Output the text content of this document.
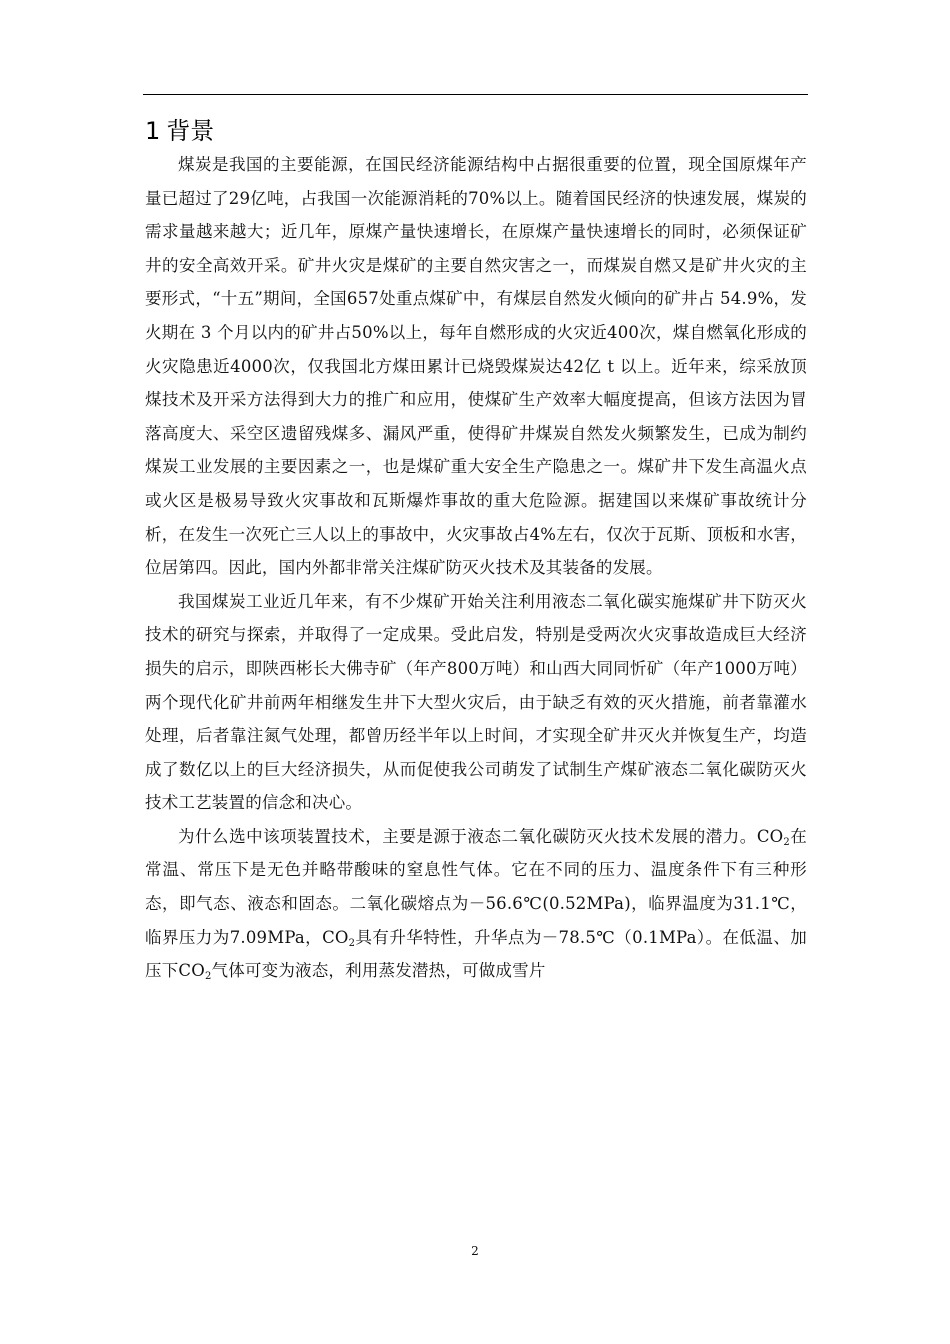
1 背景

煤炭是我国的主要能源，在国民经济能源结构中占据很重要的位置，现全国原煤年产量已超过了29亿吨，占我国一次能源消耗的70%以上。随着国民经济的快速发展，煤炭的需求量越来越大；近几年，原煤产量快速增长，在原煤产量快速增长的同时，必须保证矿井的安全高效开采。矿井火灾是煤矿的主要自然灾害之一，而煤炭自燃又是矿井火灾的主要形式，“十五”期间，全国657处重点煤矿中，有煤层自然发火倾向的矿井占 54.9%，发火期在 3 个月以内的矿井占50%以上，每年自燃形成的火灾近400次，煤自燃氧化形成的火灾隐患近4000次，仅我国北方煤田累计已烧毁煤炭达42亿 t 以上。近年来，综采放顶煤技术及开采方法得到大力的推广和应用，使煤矿生产效率大幅度提高，但该方法因为冒落高度大、采空区遗留残煤多、漏风严重，使得矿井煤炭自然发火频繁发生，已成为制约煤炭工业发展的主要因素之一，也是煤矿重大安全生产隐患之一。煤矿井下发生高温火点或火区是极易导致火灾事故和瓦斯爆炸事故的重大危险源。据建国以来煤矿事故统计分析，在发生一次死亡三人以上的事故中，火灾事故占4%左右，仅次于瓦斯、顶板和水害，位居第四。因此，国内外都非常关注煤矿防灭火技术及其装备的发展。

我国煤炭工业近几年来，有不少煤矿开始关注利用液态二氧化碳实施煤矿井下防灭火技术的研究与探索，并取得了一定成果。受此启发，特别是受两次火灾事故造成巨大经济损失的启示，即陕西彬长大佛寺矿（年产800万吨）和山西大同同忻矿（年产1000万吨）两个现代化矿井前两年相继发生井下大型火灾后，由于缺乏有效的灭火措施，前者靠灌水处理，后者靠注氮气处理，都曾历经半年以上时间，才实现全矿井灭火并恢复生产，均造成了数亿以上的巨大经济损失，从而促使我公司萌发了试制生产煤矿液态二氧化碳防灭火技术工艺装置的信念和决心。

为什么选中该项装置技术，主要是源于液态二氧化碳防灭火技术发展的潜力。$CO_2$在常温、常压下是无色并略带酸味的窒息性气体。它在不同的压力、温度条件下有三种形态，即气态、液态和固态。二氧化碳熔点为－56.6℃(0.52MPa)，临界温度为31.1℃，临界压力为7.09MPa，$CO_2$具有升华特性，升华点为－78.5℃（0.1MPa）。在低温、加压下$CO_2$气体可变为液态，利用蒸发潜热，可做成雪片

2
